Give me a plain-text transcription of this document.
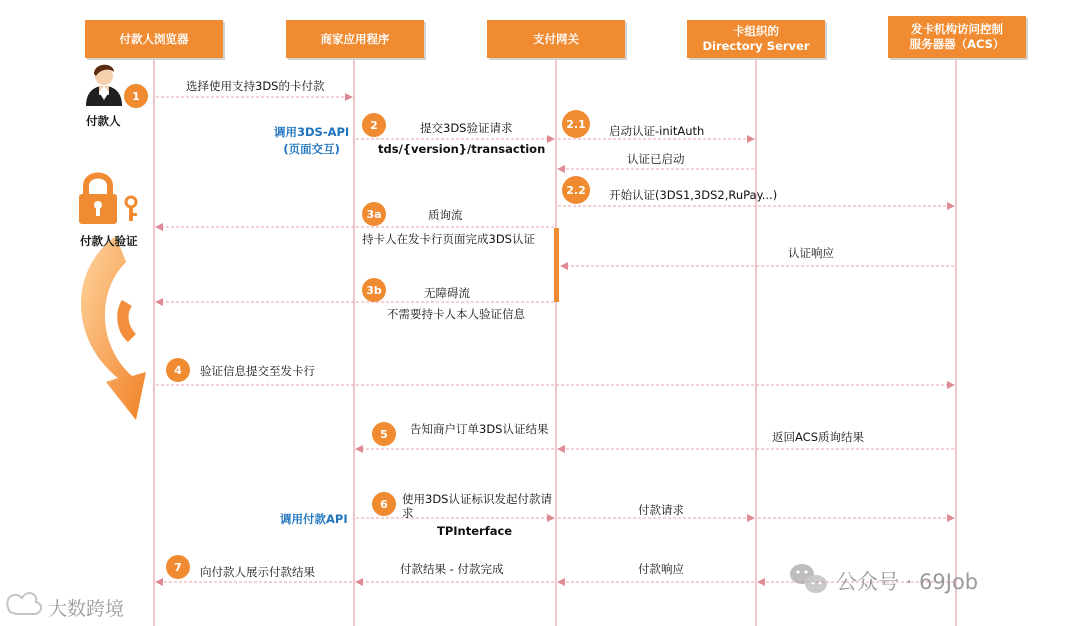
付款人浏览器	商家应用程序	支付网关
卡组织的
Directory Server
发卡机构访问控制
服务器器（ACS）
付款人
付款人验证
调用3DS-API
(页面交互)
调用付款API
1
2	2.1
2.2
3a
3b
4
5
6
7
选择使用支持3DS的卡付款
提交3DS验证请求
tds/{version}/transaction
启动认证-initAuth
认证已启动
开始认证(3DS1,3DS2,RuPay...)
质询流
持卡人在发卡行页面完成3DS认证
认证响应
无障碍流
不需要持卡人本人验证信息
验证信息提交至发卡行
告知商户订单3DS认证结果
返回ACS质询结果
使用3DS认证标识发起付款请求
TPInterface
付款请求
向付款人展示付款结果	付款结果 - 付款完成	付款响应
大数跨境
公众号 · 69Job
